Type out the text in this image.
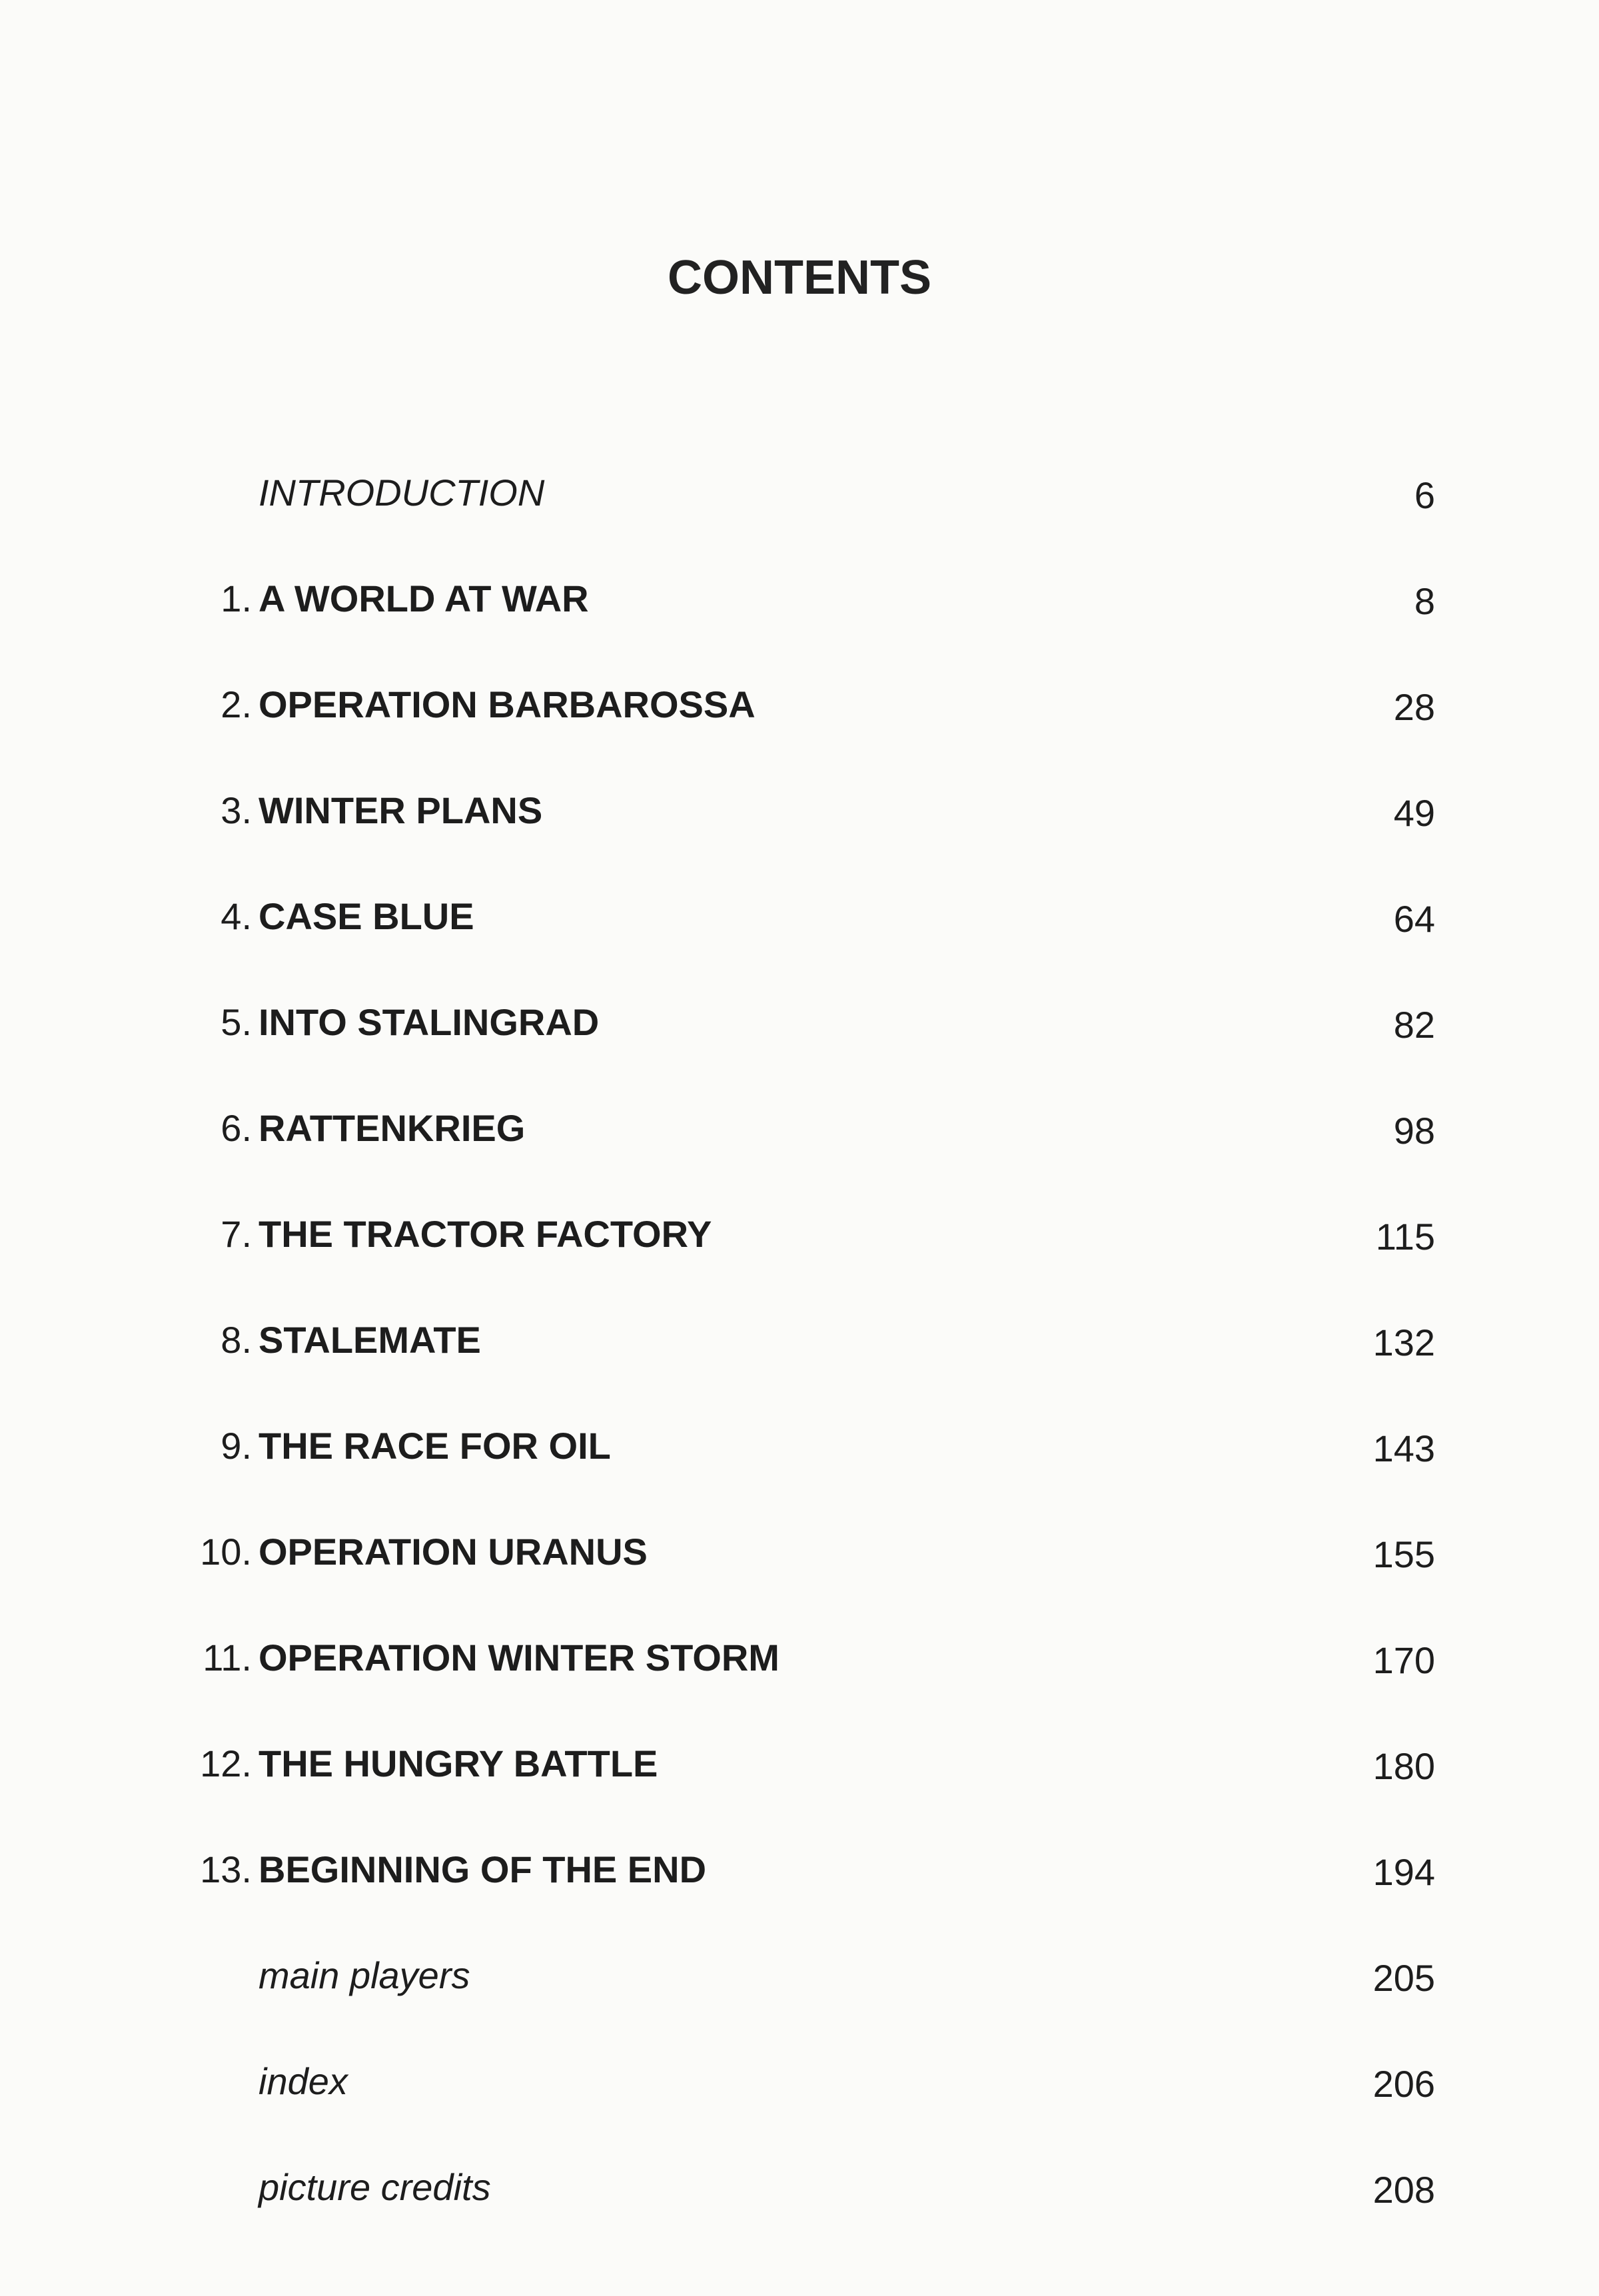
CONTENTS
INTRODUCTION	6
1. A WORLD AT WAR	8
2. OPERATION BARBAROSSA	28
3. WINTER PLANS	49
4. CASE BLUE	64
5. INTO STALINGRAD	82
6. RATTENKRIEG	98
7. THE TRACTOR FACTORY	115
8. STALEMATE	132
9. THE RACE FOR OIL	143
10. OPERATION URANUS	155
11. OPERATION WINTER STORM	170
12. THE HUNGRY BATTLE	180
13. BEGINNING OF THE END	194
main players	205
index	206
picture credits	208
